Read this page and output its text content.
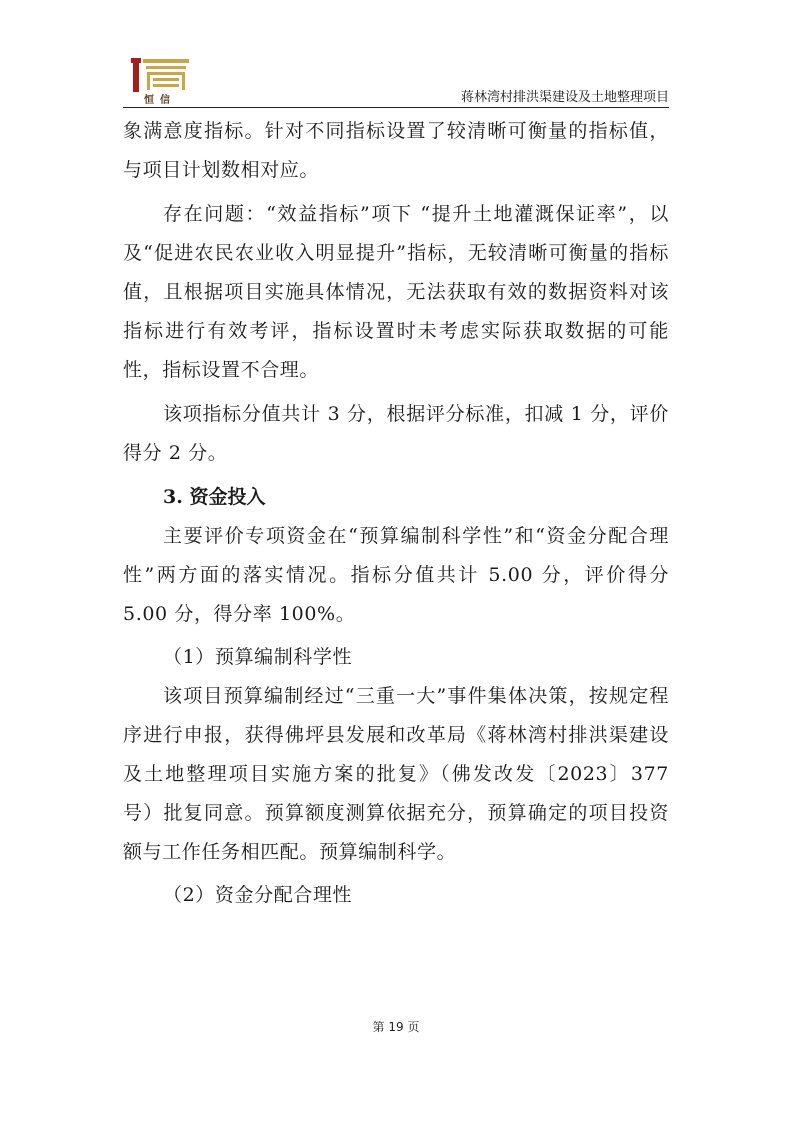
恒信	蒋林湾村排洪渠建设及土地整理项目

象满意度指标。针对不同指标设置了较清晰可衡量的指标值，与项目计划数相对应。

存在问题：“效益指标”项下 “提升土地灌溉保证率”，以及“促进农民农业收入明显提升”指标，无较清晰可衡量的指标值，且根据项目实施具体情况，无法获取有效的数据资料对该指标进行有效考评，指标设置时未考虑实际获取数据的可能性，指标设置不合理。

该项指标分值共计 3 分，根据评分标准，扣减 1 分，评价得分 2 分。

3. 资金投入

主要评价专项资金在“预算编制科学性”和“资金分配合理性”两方面的落实情况。指标分值共计 5.00 分，评价得分 5.00 分，得分率 100%。

（1）预算编制科学性

该项目预算编制经过“三重一大”事件集体决策，按规定程序进行申报，获得佛坪县发展和改革局《蒋林湾村排洪渠建设及土地整理项目实施方案的批复》（佛发改发〔2023〕377 号）批复同意。预算额度测算依据充分，预算确定的项目投资额与工作任务相匹配。预算编制科学。

（2）资金分配合理性

第 19 页
